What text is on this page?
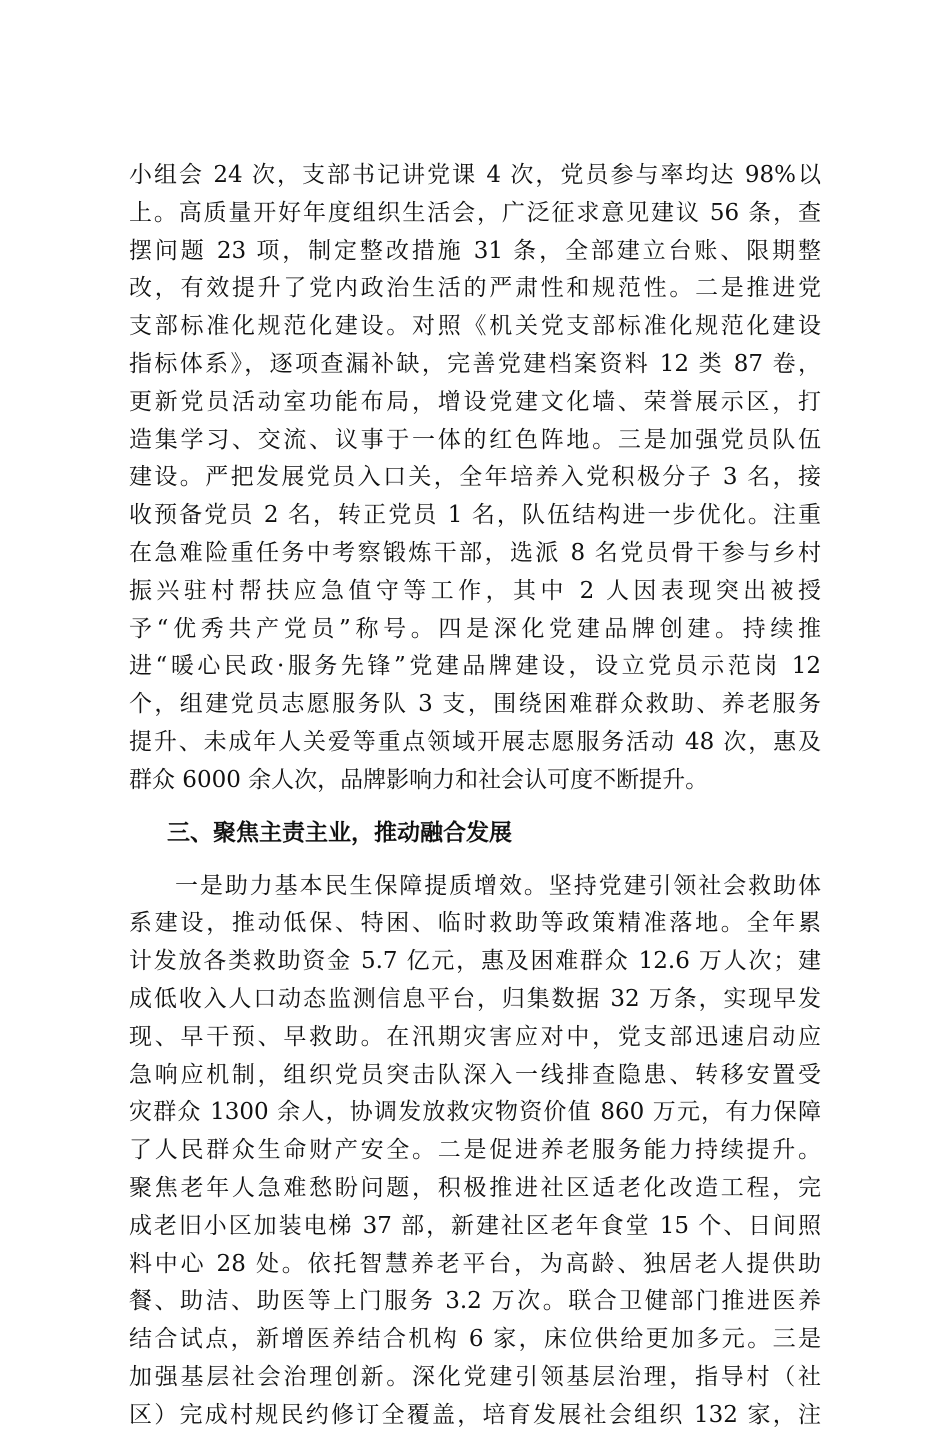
小组会 24 次，支部书记讲党课 4 次，党员参与率均达 98%以
上。高质量开好年度组织生活会，广泛征求意见建议 56 条，查
摆问题 23 项，制定整改措施 31 条，全部建立台账、限期整
改，有效提升了党内政治生活的严肃性和规范性。二是推进党
支部标准化规范化建设。对照《机关党支部标准化规范化建设
指标体系》，逐项查漏补缺，完善党建档案资料 12 类 87 卷，
更新党员活动室功能布局，增设党建文化墙、荣誉展示区，打
造集学习、交流、议事于一体的红色阵地。三是加强党员队伍
建设。严把发展党员入口关，全年培养入党积极分子 3 名，接
收预备党员 2 名，转正党员 1 名，队伍结构进一步优化。注重
在急难险重任务中考察锻炼干部，选派 8 名党员骨干参与乡村
振兴驻村帮扶应急值守等工作，其中 2 人因表现突出被授
予“优秀共产党员”称号。四是深化党建品牌创建。持续推
进“暖心民政·服务先锋”党建品牌建设，设立党员示范岗 12
个，组建党员志愿服务队 3 支，围绕困难群众救助、养老服务
提升、未成年人关爱等重点领域开展志愿服务活动 48 次，惠及
群众 6000 余人次，品牌影响力和社会认可度不断提升。
三、聚焦主责主业，推动融合发展
一是助力基本民生保障提质增效。坚持党建引领社会救助体
系建设，推动低保、特困、临时救助等政策精准落地。全年累
计发放各类救助资金 5.7 亿元，惠及困难群众 12.6 万人次；建
成低收入人口动态监测信息平台，归集数据 32 万条，实现早发
现、早干预、早救助。在汛期灾害应对中，党支部迅速启动应
急响应机制，组织党员突击队深入一线排查隐患、转移安置受
灾群众 1300 余人，协调发放救灾物资价值 860 万元，有力保障
了人民群众生命财产安全。二是促进养老服务能力持续提升。
聚焦老年人急难愁盼问题，积极推进社区适老化改造工程，完
成老旧小区加装电梯 37 部，新建社区老年食堂 15 个、日间照
料中心 28 处。依托智慧养老平台，为高龄、独居老人提供助
餐、助洁、助医等上门服务 3.2 万次。联合卫健部门推进医养
结合试点，新增医养结合机构 6 家，床位供给更加多元。三是
加强基层社会治理创新。深化党建引领基层治理，指导村（社
区）完成村规民约修订全覆盖，培育发展社会组织 132 家，注
